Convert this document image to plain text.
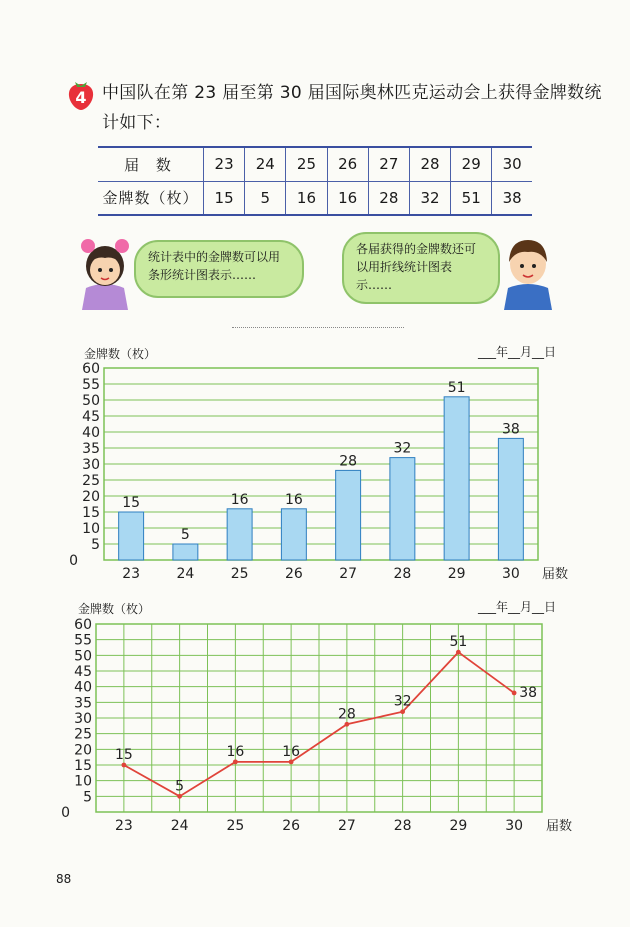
4 中国队在第 23 届至第 30 届国际奥林匹克运动会上获得金牌数统计如下：
届 数	23	24	25	26	27	28	29	30
金牌数（枚）	15	5	16	16	28	32	51	38
统计表中的金牌数可以用条形统计图表示……
各届获得的金牌数还可以用折线统计图表示……
金牌数（枚）	___年__月__日
0
5
10
15
20
25
30
35
40
45
50
55
60
23	24	25	26	27	28	29	30 届数
15
5
16	16
28
32
51
38
金牌数（枚）	___年__月__日
0
5
10
15
20
25
30
35
40
45
50
55
60
23	24	25	26	27	28	29	30 届数
15
5
16	16
28
32
51
38
88
